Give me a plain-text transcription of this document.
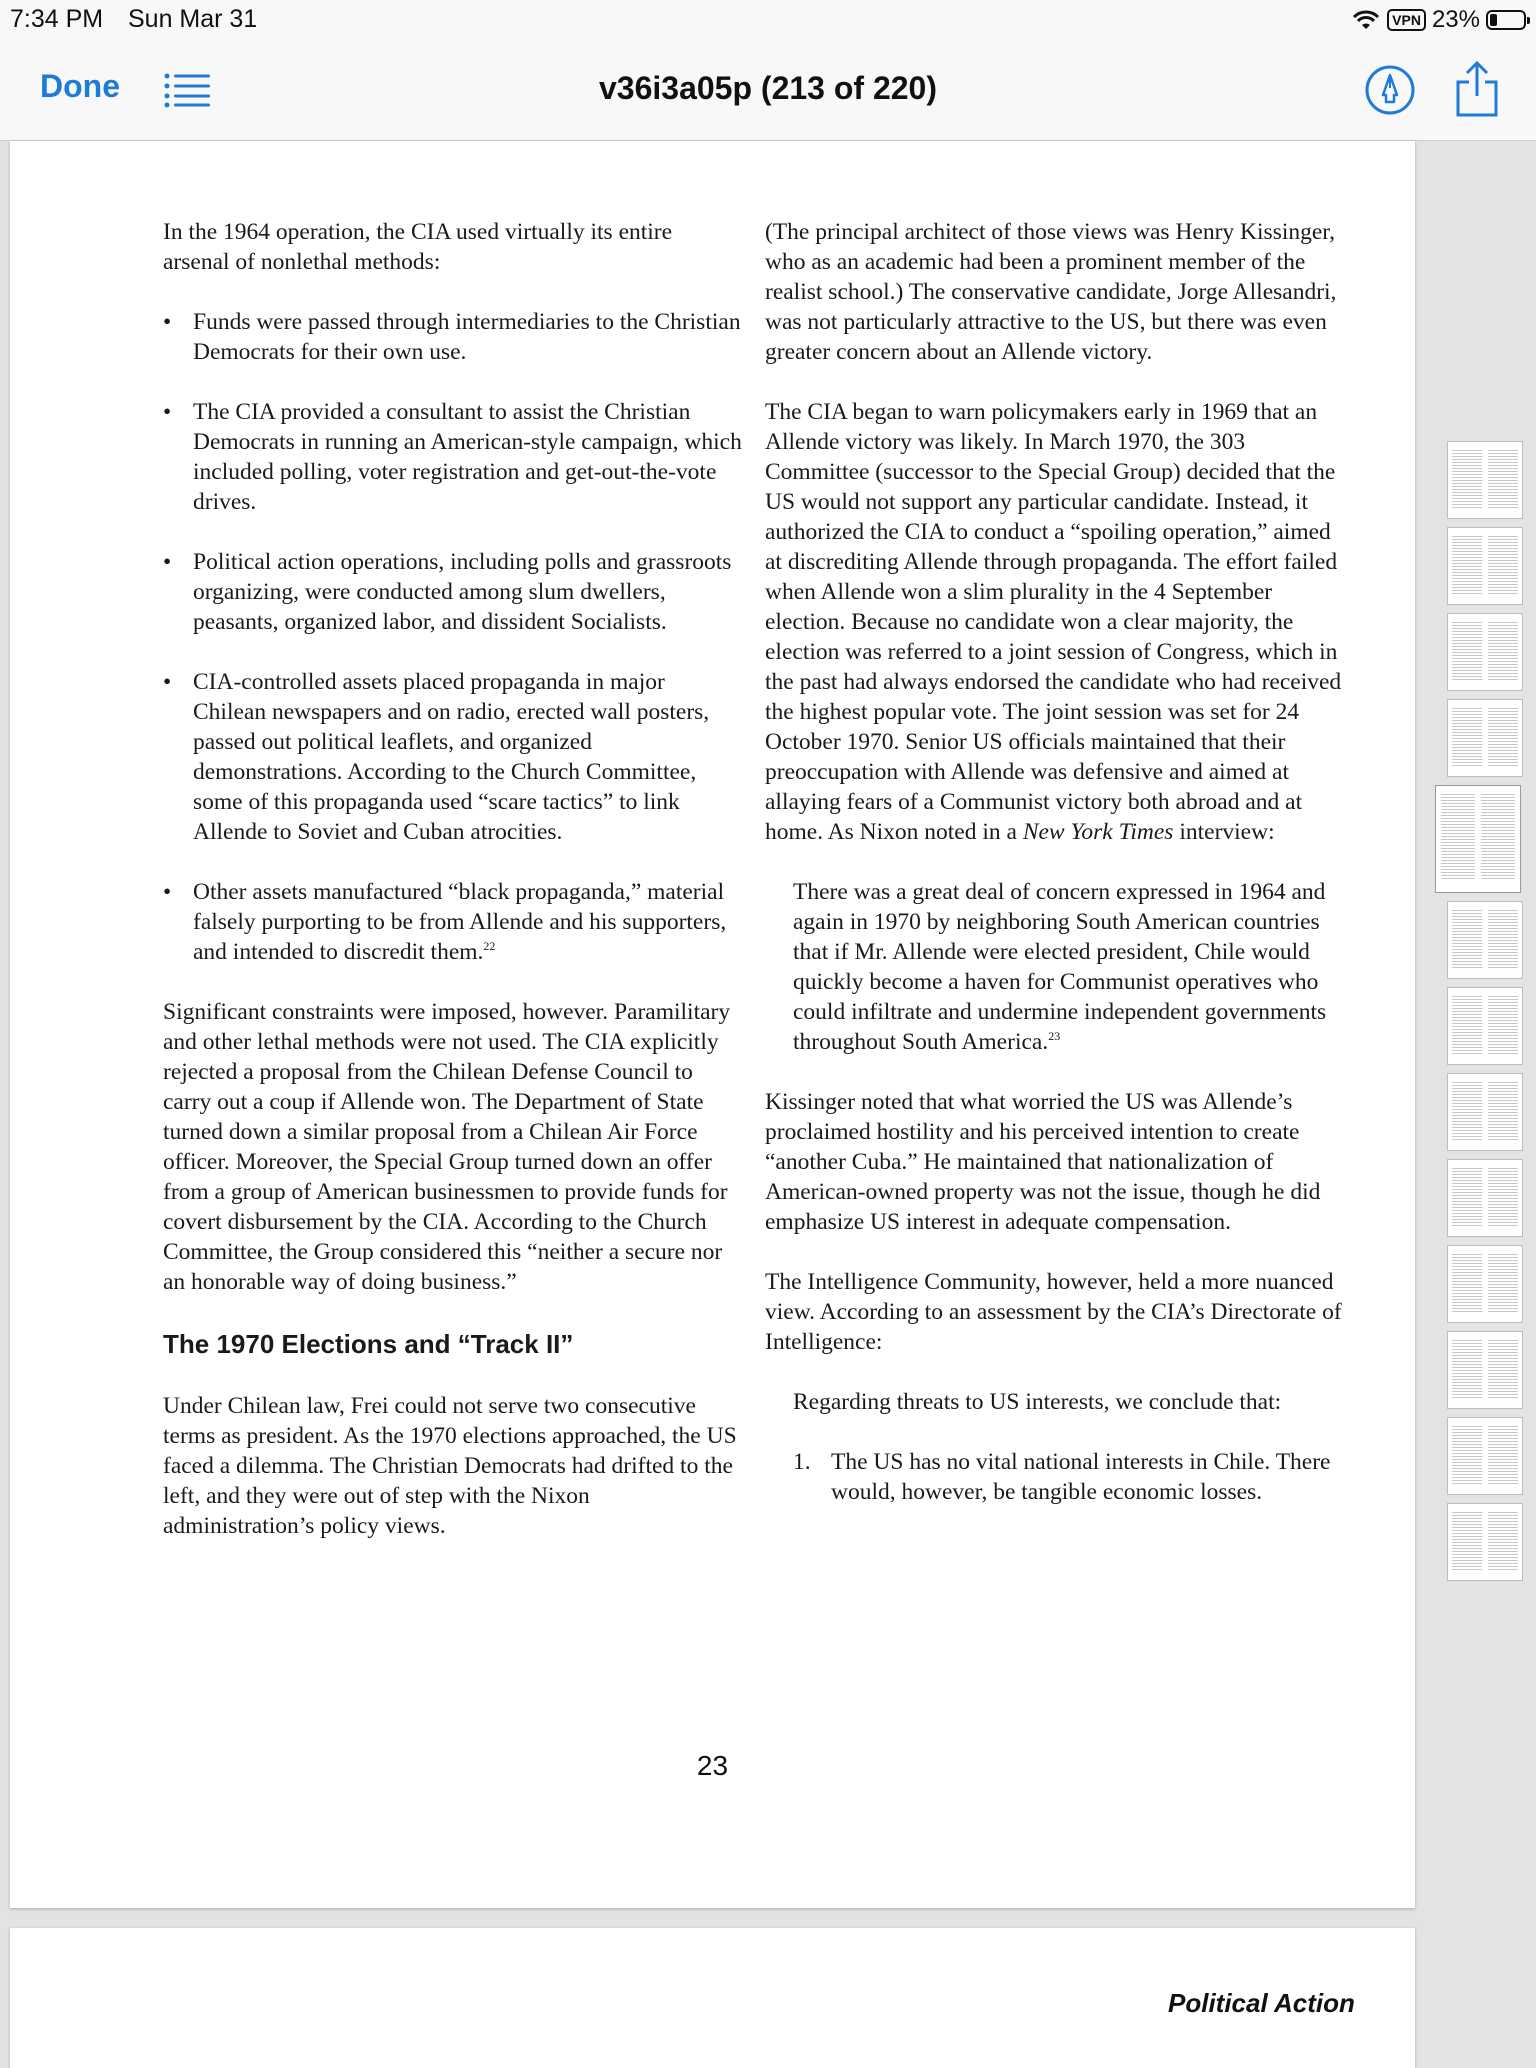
7:34 PM Sun Mar 31	VPN 23%
Done	v36i3a05p (213 of 220)

In the 1964 operation, the CIA used virtually its entire arsenal of nonlethal methods:

• Funds were passed through intermediaries to the Christian Democrats for their own use.
• The CIA provided a consultant to assist the Christian Democrats in running an American-style campaign, which included polling, voter registration and get-out-the-vote drives.
• Political action operations, including polls and grassroots organizing, were conducted among slum dwellers, peasants, organized labor, and dissident Socialists.
• CIA-controlled assets placed propaganda in major Chilean newspapers and on radio, erected wall posters, passed out political leaflets, and organized demonstrations. According to the Church Committee, some of this propaganda used “scare tactics” to link Allende to Soviet and Cuban atrocities.
• Other assets manufactured “black propaganda,” material falsely purporting to be from Allende and his supporters, and intended to discredit them.$^{22}$

Significant constraints were imposed, however. Paramilitary and other lethal methods were not used. The CIA explicitly rejected a proposal from the Chilean Defense Council to carry out a coup if Allende won. The Department of State turned down a similar proposal from a Chilean Air Force officer. Moreover, the Special Group turned down an offer from a group of American businessmen to provide funds for covert disbursement by the CIA. According to the Church Committee, the Group considered this “neither a secure nor an honorable way of doing business.”

The 1970 Elections and “Track II”

Under Chilean law, Frei could not serve two consecutive terms as president. As the 1970 elections approached, the US faced a dilemma. The Christian Democrats had drifted to the left, and they were out of step with the Nixon administration’s policy views.

(The principal architect of those views was Henry Kissinger, who as an academic had been a prominent member of the realist school.) The conservative candidate, Jorge Allesandri, was not particularly attractive to the US, but there was even greater concern about an Allende victory.

The CIA began to warn policymakers early in 1969 that an Allende victory was likely. In March 1970, the 303 Committee (successor to the Special Group) decided that the US would not support any particular candidate. Instead, it authorized the CIA to conduct a “spoiling operation,” aimed at discrediting Allende through propaganda. The effort failed when Allende won a slim plurality in the 4 September election. Because no candidate won a clear majority, the election was referred to a joint session of Congress, which in the past had always endorsed the candidate who had received the highest popular vote. The joint session was set for 24 October 1970. Senior US officials maintained that their preoccupation with Allende was defensive and aimed at allaying fears of a Communist victory both abroad and at home. As Nixon noted in a New York Times interview:

There was a great deal of concern expressed in 1964 and again in 1970 by neighboring South American countries that if Mr. Allende were elected president, Chile would quickly become a haven for Communist operatives who could infiltrate and undermine independent governments throughout South America.$^{23}$

Kissinger noted that what worried the US was Allende’s proclaimed hostility and his perceived intention to create “another Cuba.” He maintained that nationalization of American-owned property was not the issue, though he did emphasize US interest in adequate compensation.

The Intelligence Community, however, held a more nuanced view. According to an assessment by the CIA’s Directorate of Intelligence:

Regarding threats to US interests, we conclude that:
1. The US has no vital national interests in Chile. There would, however, be tangible economic losses.
23
Political Action
